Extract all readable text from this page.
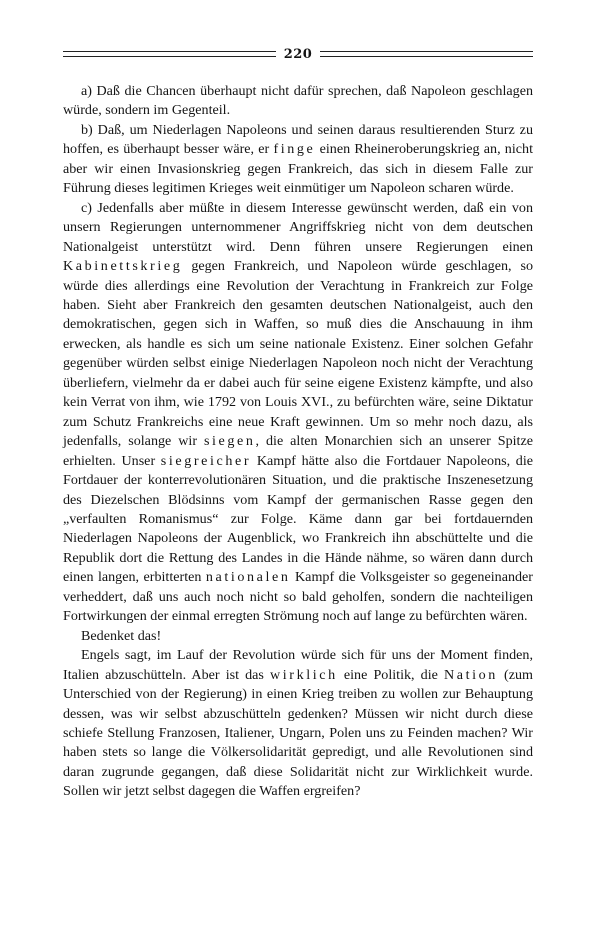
220

a) Daß die Chancen überhaupt nicht dafür sprechen, daß Napoleon geschlagen würde, sondern im Gegenteil.

b) Daß, um Niederlagen Napoleons und seinen daraus resultierenden Sturz zu hoffen, es überhaupt besser wäre, er finge einen Rheineroberungskrieg an, nicht aber wir einen Invasionskrieg gegen Frankreich, das sich in diesem Falle zur Führung dieses legitimen Krieges weit einmütiger um Napoleon scharen würde.

c) Jedenfalls aber müßte in diesem Interesse gewünscht werden, daß ein von unsern Regierungen unternommener Angriffskrieg nicht von dem deutschen Nationalgeist unterstützt wird. Denn führen unsere Regierungen einen Kabinettskrieg gegen Frankreich, und Napoleon würde geschlagen, so würde dies allerdings eine Revolution der Verachtung in Frankreich zur Folge haben. Sieht aber Frankreich den gesamten deutschen Nationalgeist, auch den demokratischen, gegen sich in Waffen, so muß dies die Anschauung in ihm erwecken, als handle es sich um seine nationale Existenz. Einer solchen Gefahr gegenüber würden selbst einige Niederlagen Napoleon noch nicht der Verachtung überliefern, vielmehr da er dabei auch für seine eigene Existenz kämpfte, und also kein Verrat von ihm, wie 1792 von Louis XVI., zu befürchten wäre, seine Diktatur zum Schutz Frankreichs eine neue Kraft gewinnen. Um so mehr noch dazu, als jedenfalls, solange wir siegen, die alten Monarchien sich an unserer Spitze erhielten. Unser siegreicher Kampf hätte also die Fortdauer Napoleons, die Fortdauer der konterrevolutionären Situation, und die praktische Inszenesetzung des Diezelschen Blödsinns vom Kampf der germanischen Rasse gegen den „verfaulten Romanismus“ zur Folge. Käme dann gar bei fortdauernden Niederlagen Napoleons der Augenblick, wo Frankreich ihn abschüttelte und die Republik dort die Rettung des Landes in die Hände nähme, so wären dann durch einen langen, erbitterten nationalen Kampf die Volksgeister so gegeneinander verheddert, daß uns auch noch nicht so bald geholfen, sondern die nachteiligen Fortwirkungen der einmal erregten Strömung noch auf lange zu befürchten wären.

Bedenket das!

Engels sagt, im Lauf der Revolution würde sich für uns der Moment finden, Italien abzuschütteln. Aber ist das wirklich eine Politik, die Nation (zum Unterschied von der Regierung) in einen Krieg treiben zu wollen zur Behauptung dessen, was wir selbst abzuschütteln gedenken? Müssen wir nicht durch diese schiefe Stellung Franzosen, Italiener, Ungarn, Polen uns zu Feinden machen? Wir haben stets so lange die Völkersolidarität gepredigt, und alle Revolutionen sind daran zugrunde gegangen, daß diese Solidarität nicht zur Wirklichkeit wurde. Sollen wir jetzt selbst dagegen die Waffen ergreifen?
